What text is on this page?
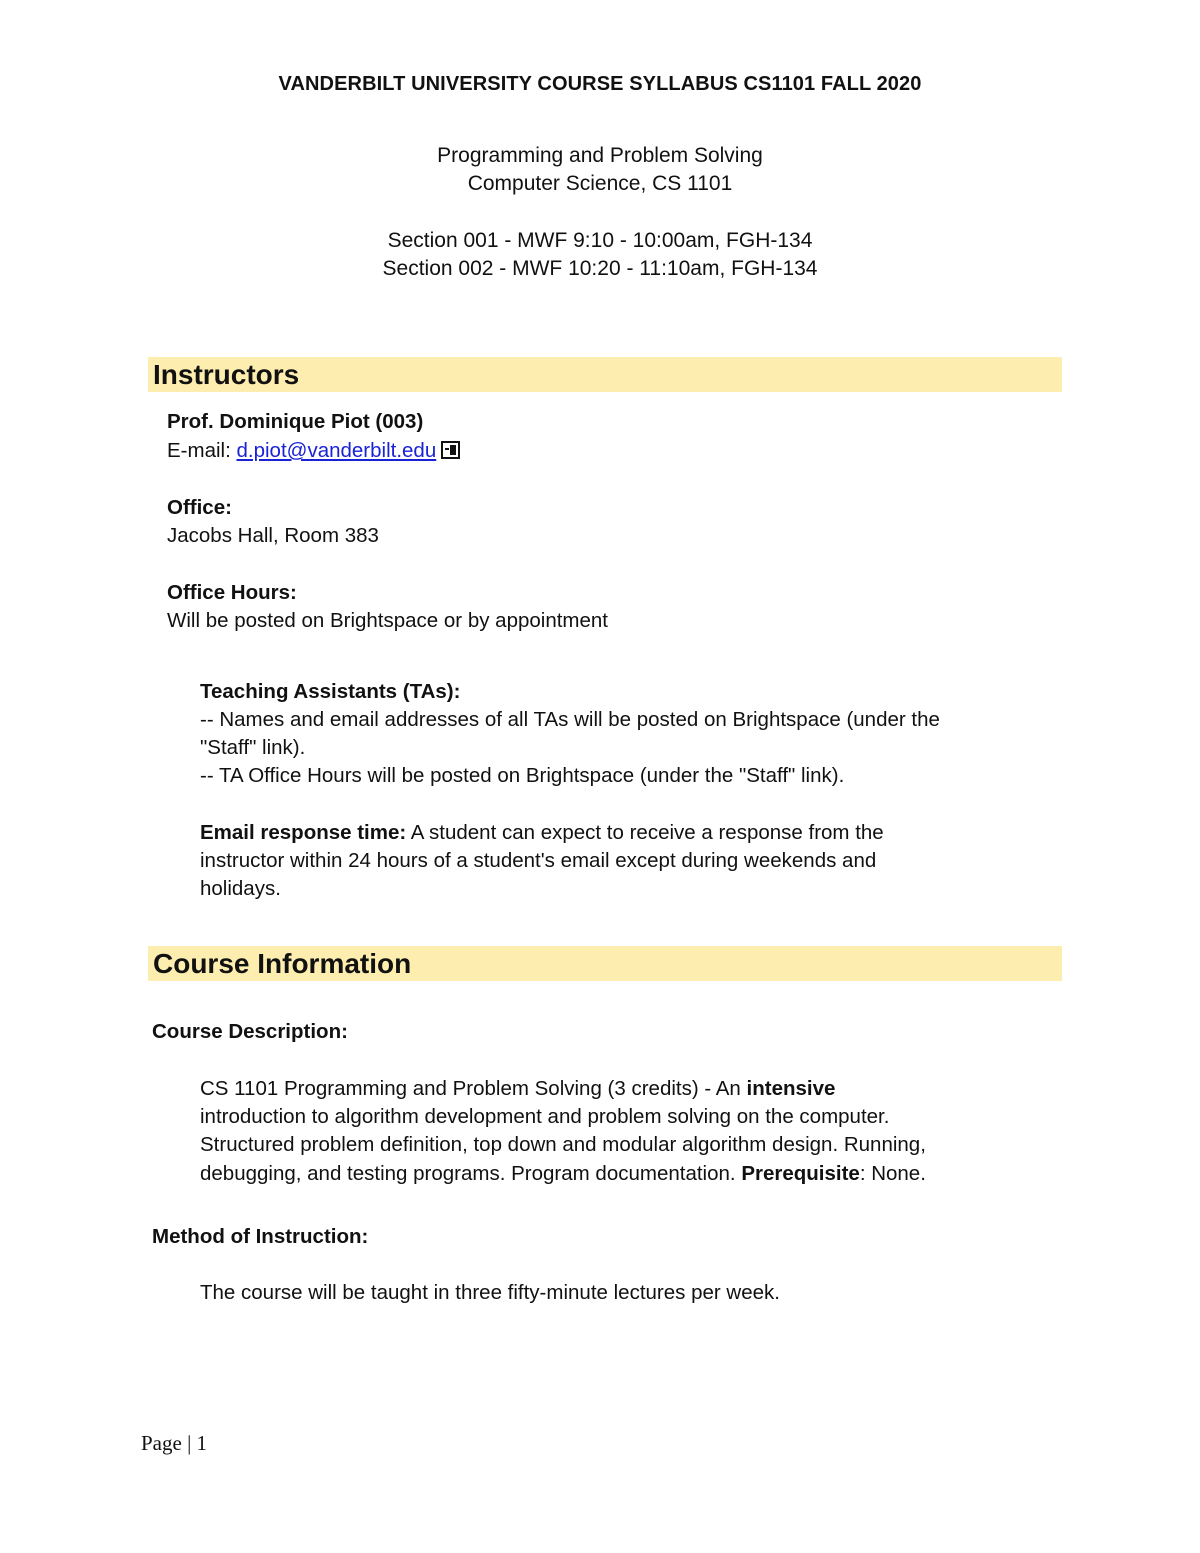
VANDERBILT UNIVERSITY COURSE SYLLABUS CS1101 FALL 2020
Programming and Problem Solving
Computer Science, CS 1101
Section 001 - MWF 9:10 - 10:00am, FGH-134
Section 002 - MWF 10:20 - 11:10am, FGH-134
Instructors
Prof. Dominique Piot (003)
E-mail: d.piot@vanderbilt.edu
Office:
Jacobs Hall, Room 383
Office Hours:
Will be posted on Brightspace or by appointment
Teaching Assistants (TAs):
-- Names and email addresses of all TAs will be posted on Brightspace (under the
"Staff" link).
-- TA Office Hours will be posted on Brightspace (under the "Staff" link).
Email response time: A student can expect to receive a response from the
instructor within 24 hours of a student's email except during weekends and
holidays.
Course Information
Course Description:
CS 1101 Programming and Problem Solving (3 credits) - An intensive
introduction to algorithm development and problem solving on the computer.
Structured problem definition, top down and modular algorithm design. Running,
debugging, and testing programs. Program documentation. Prerequisite: None.
Method of Instruction:
The course will be taught in three fifty-minute lectures per week.
Page | 1
